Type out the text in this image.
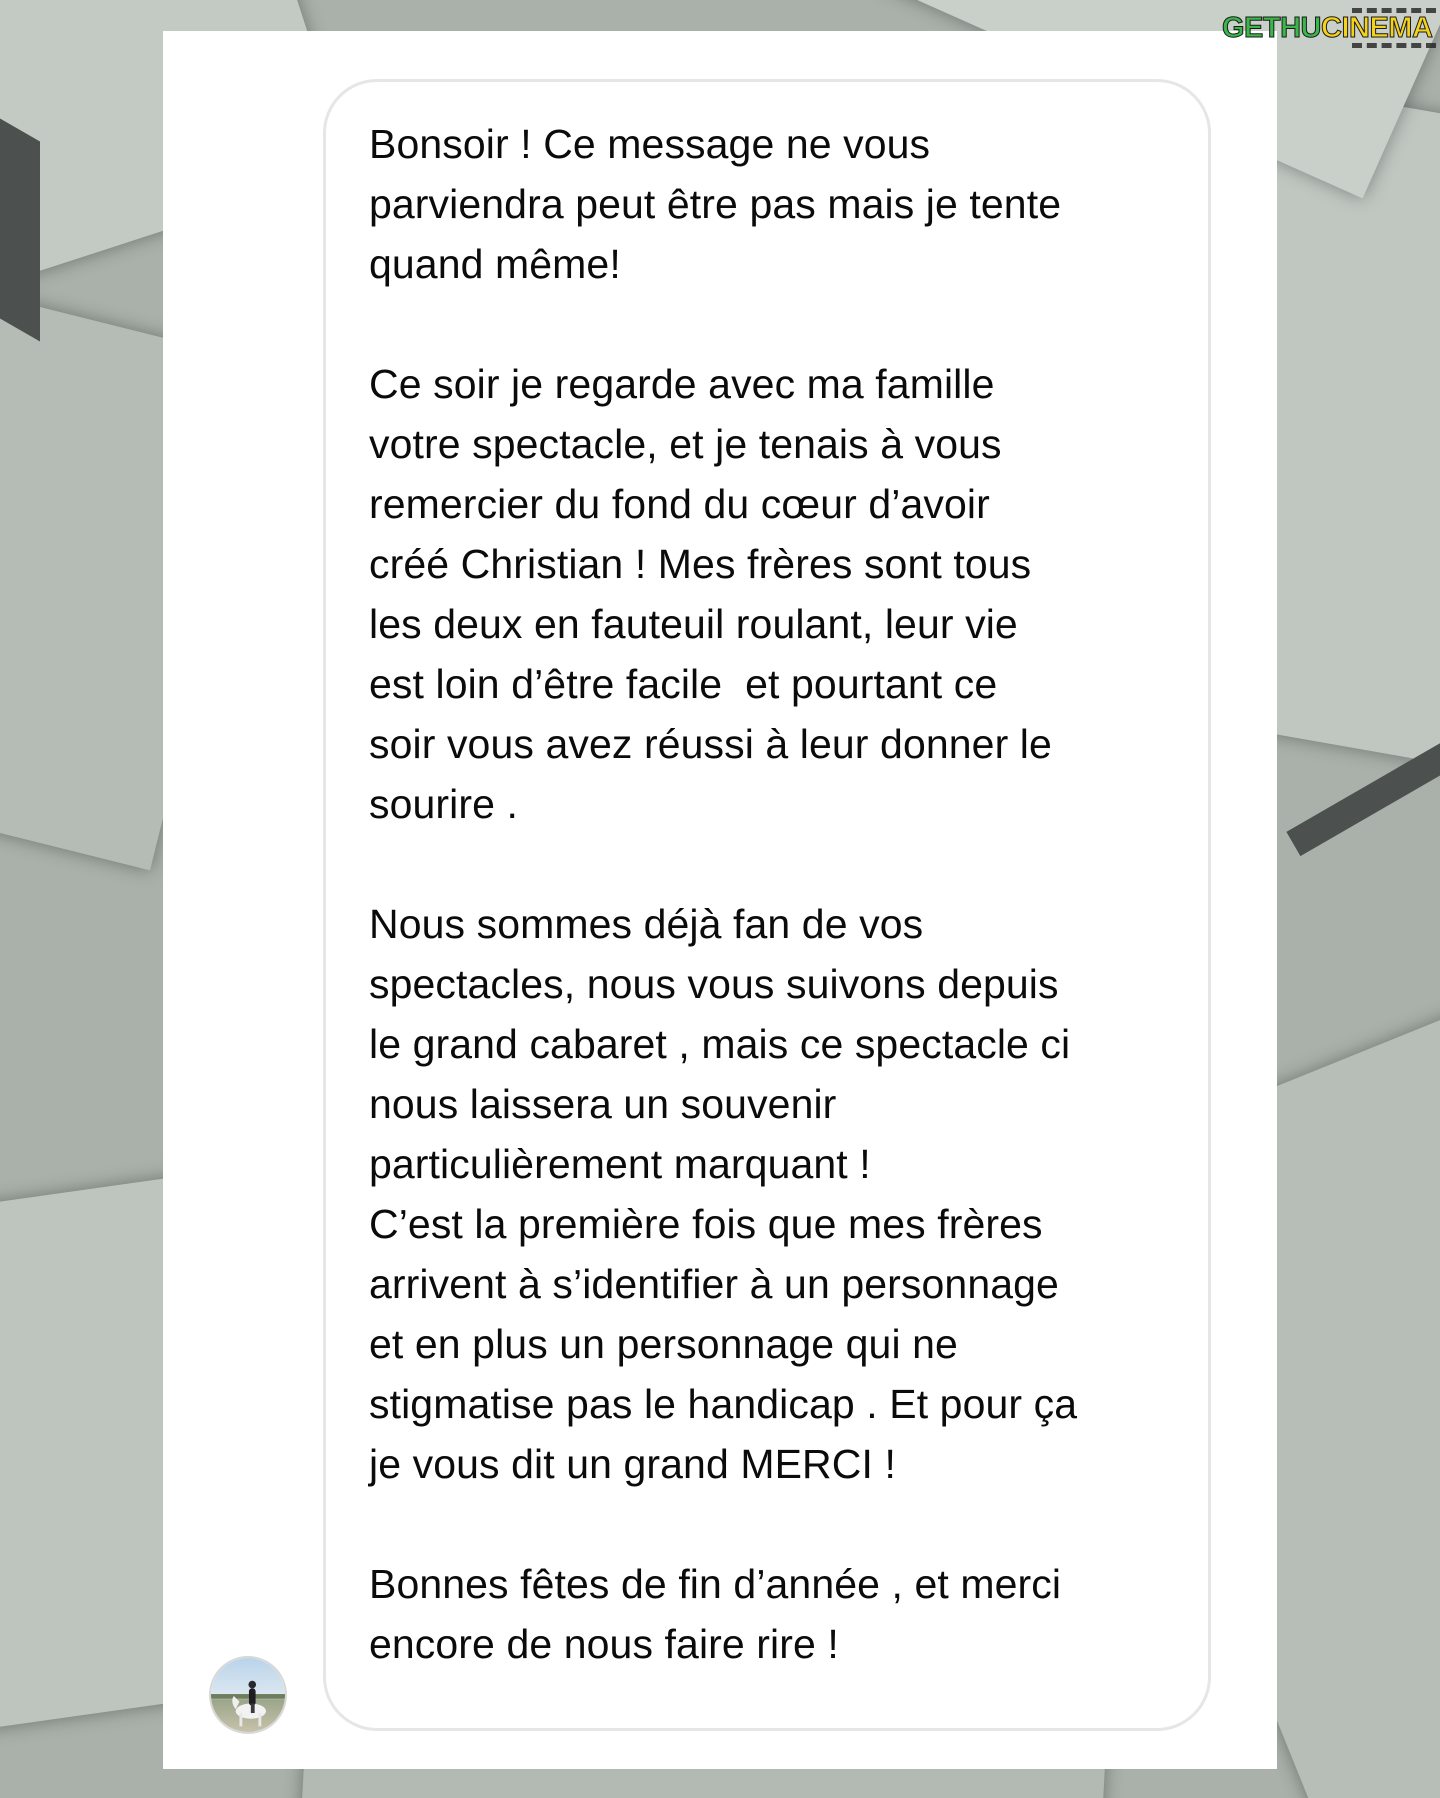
Bonsoir ! Ce message ne vous
parviendra peut être pas mais je tente
quand même!

Ce soir je regarde avec ma famille
votre spectacle, et je tenais à vous
remercier du fond du cœur d’avoir
créé Christian ! Mes frères sont tous
les deux en fauteuil roulant, leur vie
est loin d’être facile  et pourtant ce
soir vous avez réussi à leur donner le
sourire .

Nous sommes déjà fan de vos
spectacles, nous vous suivons depuis
le grand cabaret , mais ce spectacle ci
nous laissera un souvenir
particulièrement marquant !
C’est la première fois que mes frères
arrivent à s’identifier à un personnage
et en plus un personnage qui ne
stigmatise pas le handicap . Et pour ça
je vous dit un grand MERCI !

Bonnes fêtes de fin d’année , et merci
encore de nous faire rire !

GETHUCINEMA
